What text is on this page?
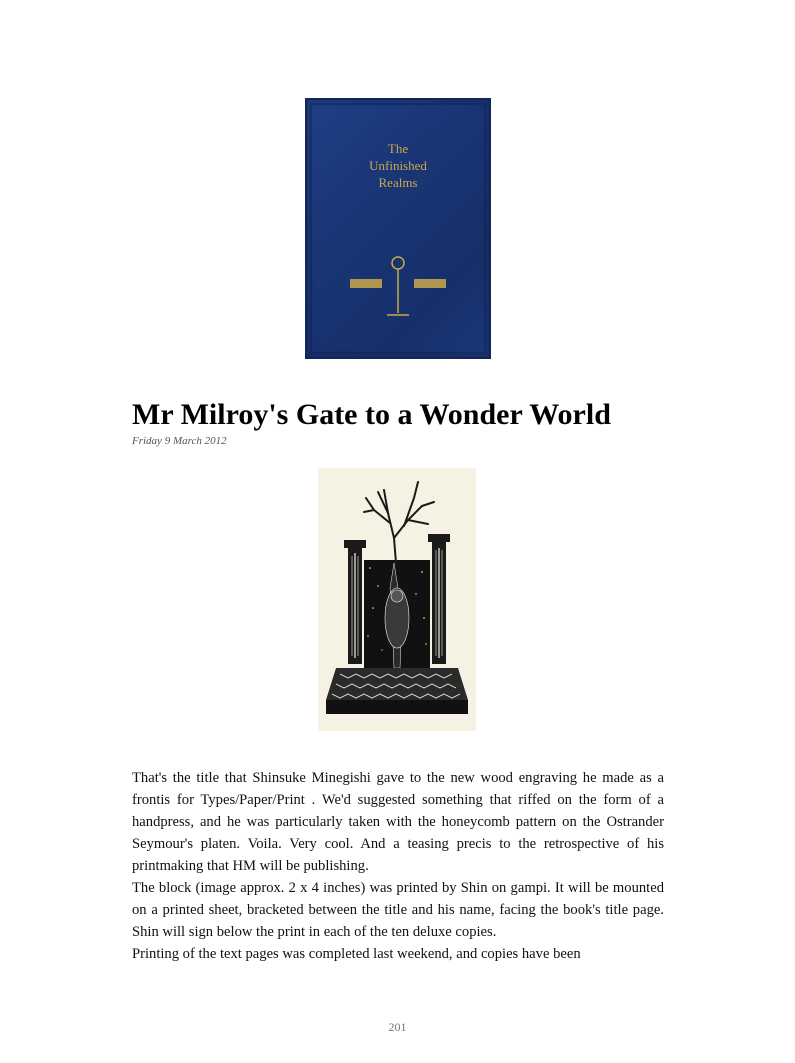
The
Unfinished
Realms
Mr Milroy's Gate to a Wonder World
Friday 9 March 2012

That's the title that Shinsuke Minegishi gave to the new wood engraving he made as a frontis for Types/Paper/Print . We'd suggested something that riffed on the form of a handpress, and he was particularly taken with the honeycomb pattern on the Ostrander Seymour's platen. Voila. Very cool. And a teasing precis to the retrospective of his printmaking that HM will be publishing.

The block (image approx. 2 x 4 inches) was printed by Shin on gampi. It will be mounted on a printed sheet, bracketed between the title and his name, facing the book's title page. Shin will sign below the print in each of the ten deluxe copies.

Printing of the text pages was completed last weekend, and copies have been

201
